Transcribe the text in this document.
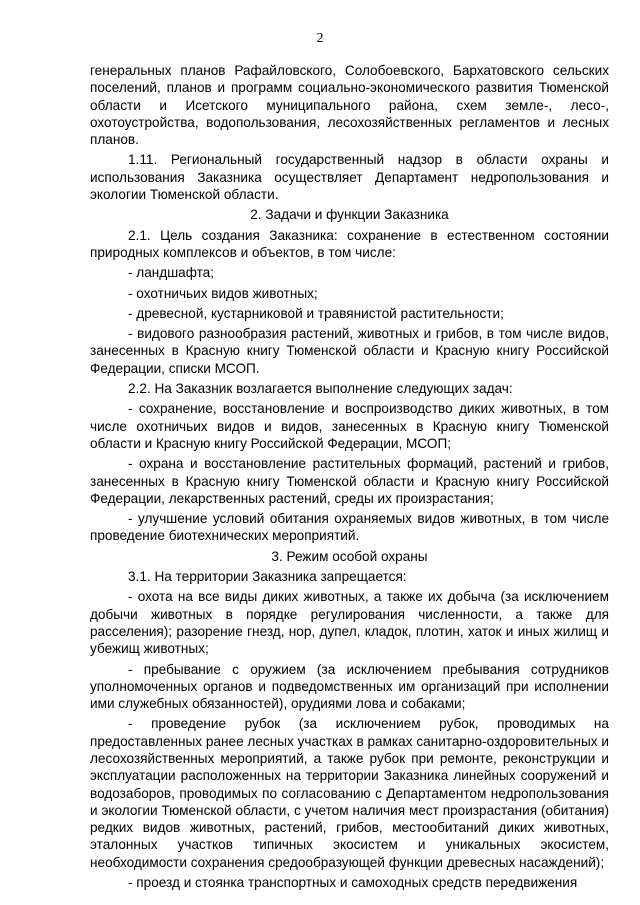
2

генеральных планов Рафайловского, Солобоевского, Бархатовского сельских поселений, планов и программ социально-экономического развития Тюменской области и Исетского муниципального района, схем земле-, лесо-, охотоустройства, водопользования, лесохозяйственных регламентов и лесных планов.

1.11. Региональный государственный надзор в области охраны и использования Заказника осуществляет Департамент недропользования и экологии Тюменской области.

2. Задачи и функции Заказника

2.1. Цель создания Заказника: сохранение в естественном состоянии природных комплексов и объектов, в том числе:

- ландшафта;

- охотничьих видов животных;

- древесной, кустарниковой и травянистой растительности;

- видового разнообразия растений, животных и грибов, в том числе видов, занесенных в Красную книгу Тюменской области и Красную книгу Российской Федерации, списки МСОП.

2.2. На Заказник возлагается выполнение следующих задач:

- сохранение, восстановление и воспроизводство диких животных, в том числе охотничьих видов и видов, занесенных в Красную книгу Тюменской области и Красную книгу Российской Федерации, МСОП;

- охрана и восстановление растительных формаций, растений и грибов, занесенных в Красную книгу Тюменской области и Красную книгу Российской Федерации, лекарственных растений, среды их произрастания;

- улучшение условий обитания охраняемых видов животных, в том числе проведение биотехнических мероприятий.

3. Режим особой охраны

3.1. На территории Заказника запрещается:

- охота на все виды диких животных, а также их добыча (за исключением добычи животных в порядке регулирования численности, а также для расселения); разорение гнезд, нор, дупел, кладок, плотин, хаток и иных жилищ и убежищ животных;

- пребывание с оружием (за исключением пребывания сотрудников уполномоченных органов и подведомственных им организаций при исполнении ими служебных обязанностей), орудиями лова и собаками;

- проведение рубок (за исключением рубок, проводимых на предоставленных ранее лесных участках в рамках санитарно-оздоровительных и лесохозяйственных мероприятий, а также рубок при ремонте, реконструкции и эксплуатации расположенных на территории Заказника линейных сооружений и водозаборов, проводимых по согласованию с Департаментом недропользования и экологии Тюменской области, с учетом наличия мест произрастания (обитания) редких видов животных, растений, грибов, местообитаний диких животных, эталонных участков типичных экосистем и уникальных экосистем, необходимости сохранения средообразующей функции древесных насаждений);

- проезд и стоянка транспортных и самоходных средств передвижения
